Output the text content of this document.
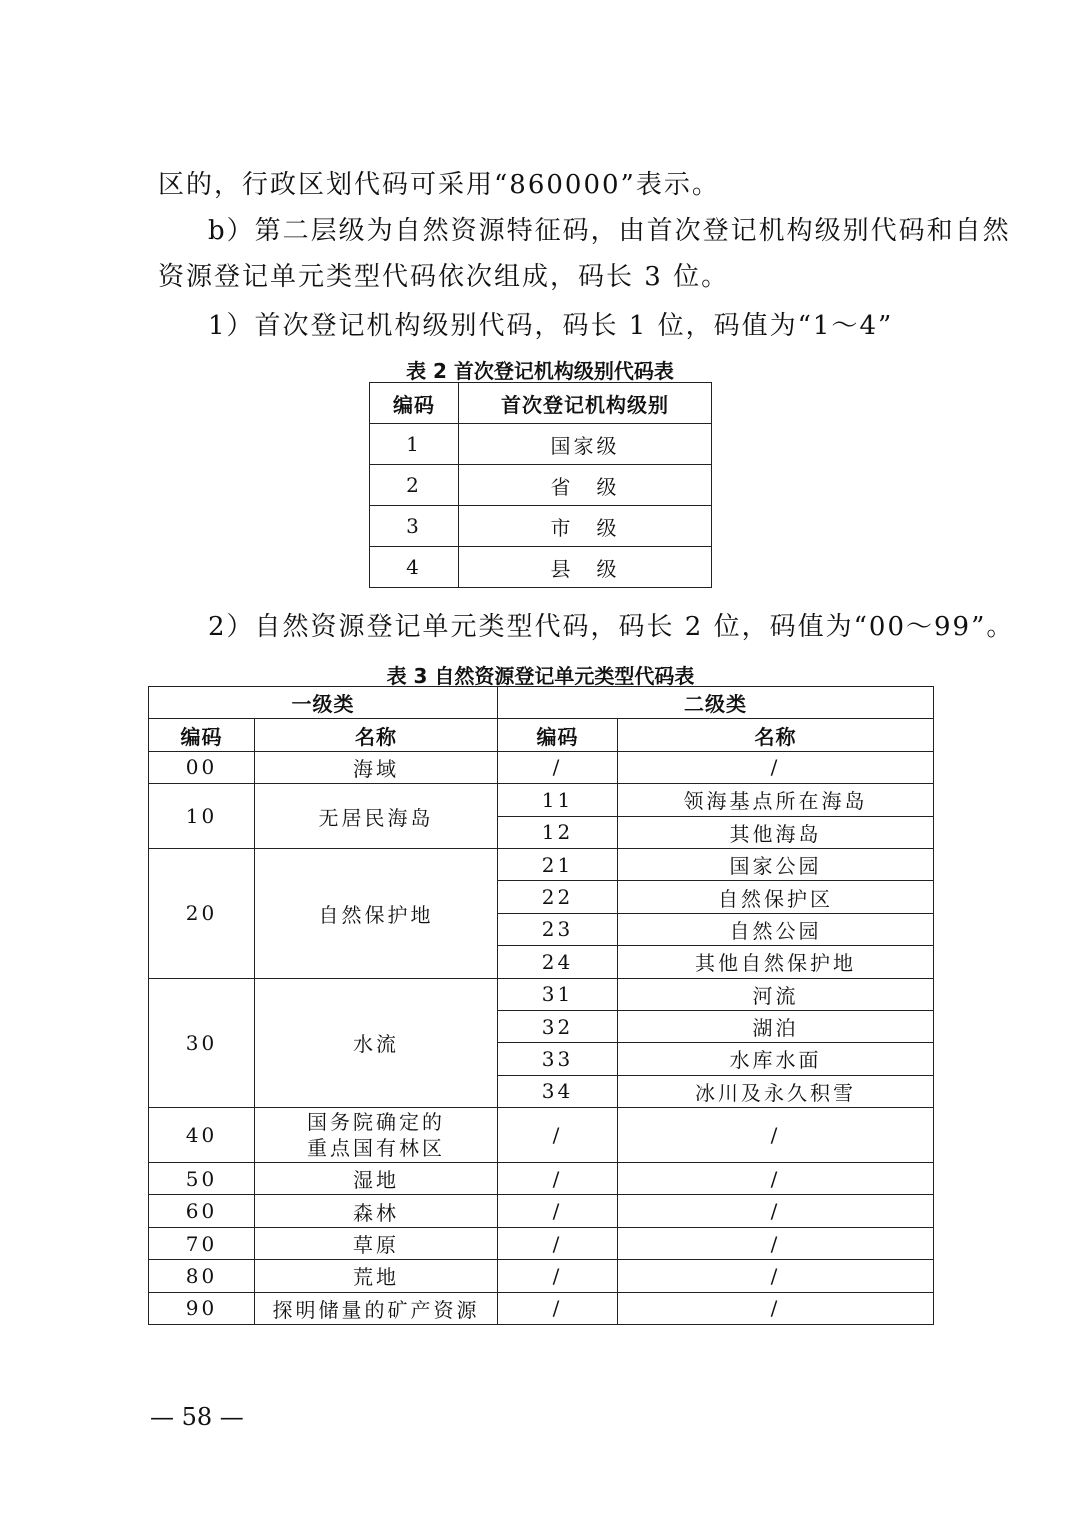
区的，行政区划代码可采用“860000”表示。
b）第二层级为自然资源特征码，由首次登记机构级别代码和自然
资源登记单元类型代码依次组成，码长 3 位。
1）首次登记机构级别代码，码长 1 位，码值为“1～4”
表 2 首次登记机构级别代码表
编码	首次登记机构级别
1	国家级
2	省　级
3	市　级
4	县　级
2）自然资源登记单元类型代码，码长 2 位，码值为“00～99”。
表 3 自然资源登记单元类型代码表
一级类		二级类	
编码	名称	编码	名称
00	海域	/	/
10	无居民海岛	11	领海基点所在海岛
		12	其他海岛
20	自然保护地	21	国家公园
		22	自然保护区
		23	自然公园
		24	其他自然保护地
30	水流	31	河流
		32	湖泊
		33	水库水面
		34	冰川及永久积雪
40	国务院确定的
重点国有林区	/	/
50	湿地	/	/
60	森林	/	/
70	草原	/	/
80	荒地	/	/
90	探明储量的矿产资源	/	/
— 58 —
